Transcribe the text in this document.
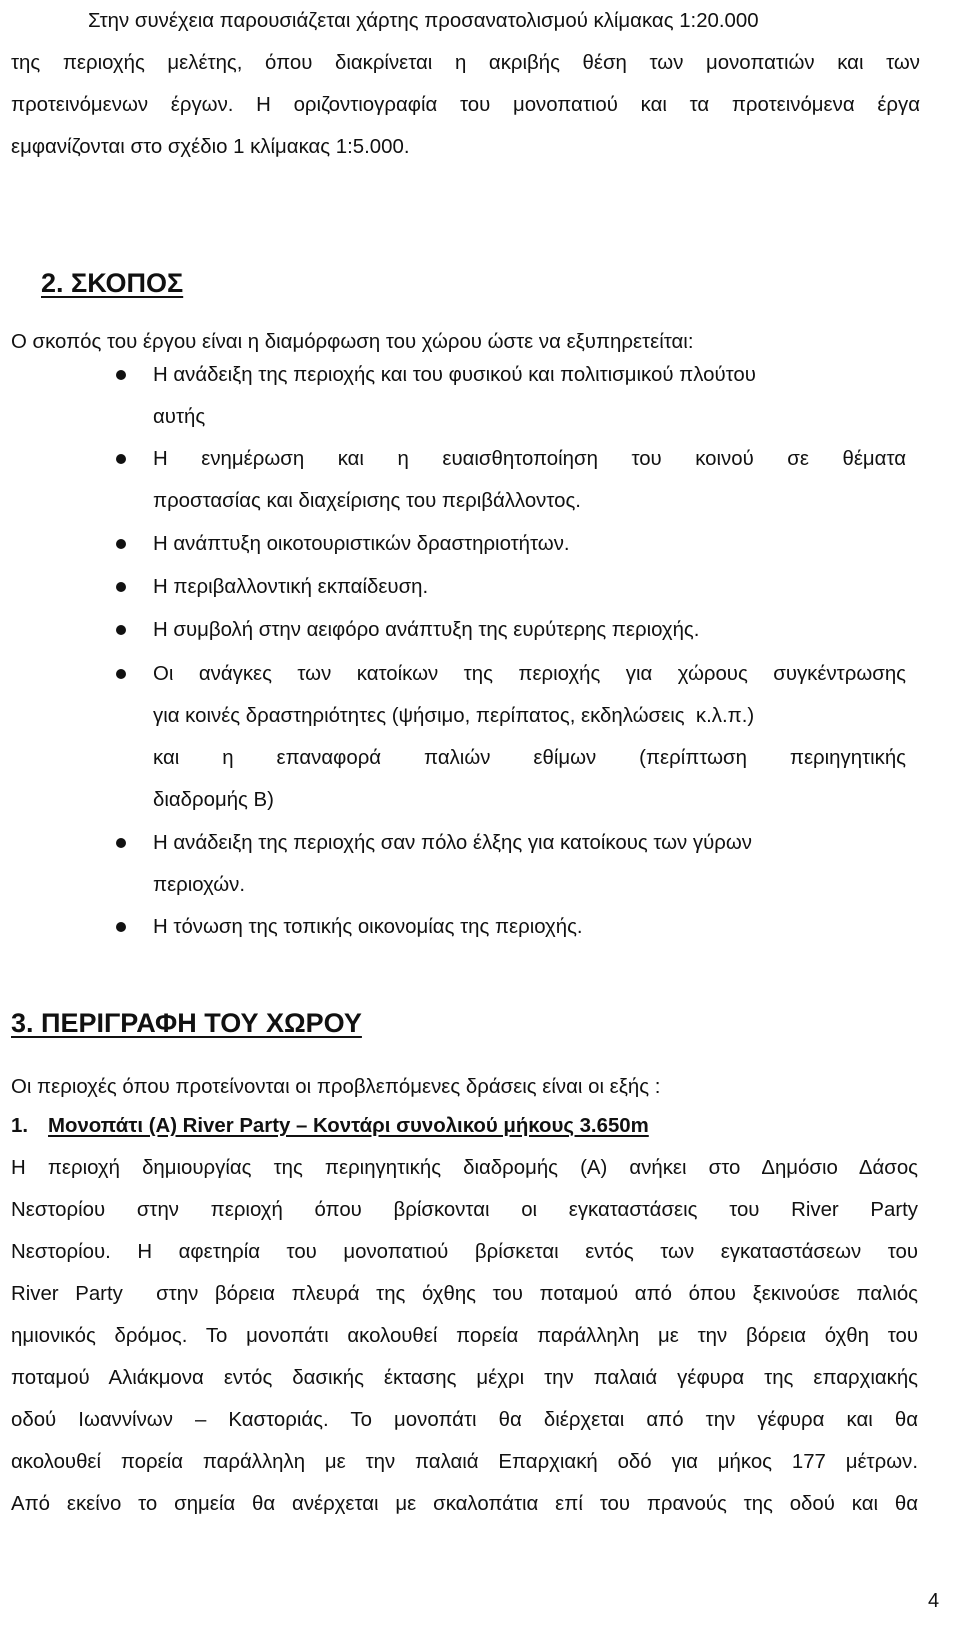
Στην συνέχεια παρουσιάζεται χάρτης προσανατολισμού κλίμακας 1:20.000
της περιοχής μελέτης, όπου διακρίνεται η ακριβής θέση των μονοπατιών και των
προτεινόμενων έργων. Η οριζοντιογραφία του μονοπατιού και τα προτεινόμενα έργα
εμφανίζονται στο σχέδιο 1 κλίμακας 1:5.000.
2. ΣΚΟΠΟΣ
Ο σκοπός του έργου είναι η διαμόρφωση του χώρου ώστε να εξυπηρετείται:
Η ανάδειξη της περιοχής και του φυσικού και πολιτισμικού πλούτου
αυτής
Η ενημέρωση και η ευαισθητοποίηση του κοινού σε θέματα
προστασίας και διαχείρισης του περιβάλλοντος.
Η ανάπτυξη οικοτουριστικών δραστηριοτήτων.
Η περιβαλλοντική εκπαίδευση.
Η συμβολή στην αειφόρο ανάπτυξη της ευρύτερης περιοχής.
Οι ανάγκες των κατοίκων της περιοχής για χώρους συγκέντρωσης
για κοινές δραστηριότητες (ψήσιμο, περίπατος, εκδηλώσεις  κ.λ.π.)
και η επαναφορά παλιών εθίμων (περίπτωση περιηγητικής
διαδρομής Β)
Η ανάδειξη της περιοχής σαν πόλο έλξης για κατοίκους των γύρων
περιοχών.
Η τόνωση της τοπικής οικονομίας της περιοχής.
3. ΠΕΡΙΓΡΑΦΗ ΤΟΥ ΧΩΡΟΥ
Οι περιοχές όπου προτείνονται οι προβλεπόμενες δράσεις είναι οι εξής :
1. Μονοπάτι (Α) River Party – Κοντάρι συνολικού μήκους 3.650m
Η περιοχή δημιουργίας της περιηγητικής διαδρομής (Α) ανήκει στο Δημόσιο Δάσος
Νεστορίου στην περιοχή όπου βρίσκονται οι εγκαταστάσεις του River Party
Νεστορίου. Η αφετηρία του μονοπατιού βρίσκεται εντός των εγκαταστάσεων του
River Party  στην βόρεια πλευρά της όχθης του ποταμού από όπου ξεκινούσε παλιός
ημιονικός δρόμος. Το μονοπάτι ακολουθεί πορεία παράλληλη με την βόρεια όχθη του
ποταμού Αλιάκμονα εντός δασικής έκτασης μέχρι την παλαιά γέφυρα της επαρχιακής
οδού Ιωαννίνων – Καστοριάς. Το μονοπάτι θα διέρχεται από την γέφυρα και θα
ακολουθεί πορεία παράλληλη με την παλαιά Επαρχιακή οδό για μήκος 177 μέτρων.
Από εκείνο το σημεία θα ανέρχεται με σκαλοπάτια επί του πρανούς της οδού και θα
4
